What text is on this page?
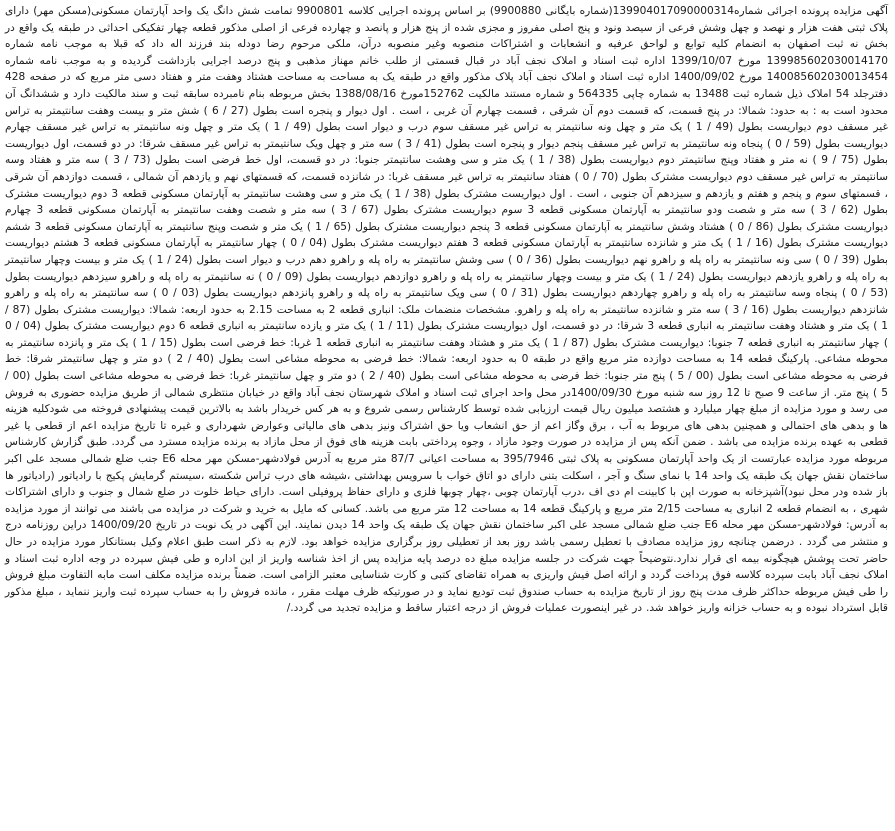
آگهی مزایده پرونده اجرائی شماره139904017090000314(شماره بایگانی 9900880) بر اساس پرونده اجرایی کلاسه 9900801 تمامت شش دانگ یک واحد آپارتمان مسکونی(مسکن مهر) دارای پلاک ثبتی هفت هزار و نهصد و چهل وشش فرعی از سیصد ونود و پنج اصلی مفروز و مجزی شده از پنج هزار و پانصد و چهارده فرعی از اصلی مذکور قطعه چهار تفکیکی احداثی در طبقه یک واقع در بخش نه ثبت اصفهان به انضمام کلیه توابع و لواحق عرفیه و انشعابات و اشتراکات منصوبه وغیر منصوبه درآن، ملکی مرحوم رضا دودله بند فرزند اله داد که قبلا به موجب نامه شماره 139985602030014170 مورخ 1399/10/07 اداره ثبت اسناد و املاک نجف آباد در قبال قسمتی از طلب خانم مهناز مذهبی و پنج درصد اجرایی بازداشت گردیده و به موجب نامه شماره 140085602030013454 مورخ 1400/09/02 اداره ثبت اسناد و املاک نجف آباد پلاک مذکور واقع در طبقه یک به مساحت به مساحت هشتاد وهفت متر و هفتاد دسی متر مربع که در صفحه 428 دفترجلد 54 املاک ذیل شماره ثبت 13488 به شماره چاپی 564335 و شماره مستند مالکیت 152762مورخ 1388/08/16 بخش مربوطه بنام نامبرده سابقه ثبت و سند مالکیت دارد و ششدانگ آن محدود است به : به حدود: شمالا: در پنج قسمت، که قسمت دوم آن شرقی ، قسمت چهارم آن غربی ، است . اول دیوار و پنجره است بطول (27 / 6 ) شش متر و بیست وهفت سانتیمتر به تراس غیر مسقف دوم دیواریست بطول (49 / 1 ) یک متر و چهل ونه سانتیمتر به تراس غیر مسقف سوم درب و دیوار است بطول (49 / 1 ) یک متر و چهل ونه سانتیمتر به تراس غیر مسقف چهارم دیواریست بطول (59 / 0 ) پنجاه ونه سانتیمتر به تراس غیر مسقف پنجم دیوار و پنجره است بطول (41 / 3 ) سه متر و چهل ویک سانتیمتر به تراس غیر مسقف شرقا: در دو قسمت، اول دیواریست بطول (75 / 9 ) نه متر و هفتاد وپنج سانتیمتر دوم دیواریست بطول (38 / 1 ) یک متر و سی وهشت سانتیمتر جنوبا: در دو قسمت، اول خط فرضی است بطول (73 / 3 ) سه متر و هفتاد وسه سانتیمتر به تراس غیر مسقف دوم دیواریست مشترک بطول (70 / 0 ) هفتاد سانتیمتر به تراس غیر مسقف غربا: در شانزده قسمت، که قسمتهای نهم و یازدهم آن شمالی ، قسمت دوازدهم آن شرقی ، قسمتهای سوم و پنجم و هفتم و یازدهم و سیزدهم آن جنوبی ، است . اول دیواریست مشترک بطول (38 / 1 ) یک متر و سی وهشت سانتیمتر به آپارتمان مسکونی قطعه 3 دوم دیواریست مشترک بطول (62 / 3 ) سه متر و شصت ودو سانتیمتر به آپارتمان مسکونی قطعه 3 سوم دیواریست مشترک بطول (67 / 3 ) سه متر و شصت وهفت سانتیمتر به آپارتمان مسکونی قطعه 3 چهارم دیواریست مشترک بطول (86 / 0 ) هشتاد وشش سانتیمتر به آپارتمان مسکونی قطعه 3 پنجم دیواریست مشترک بطول (65 / 1 ) یک متر و شصت وپنج سانتیمتر به آپارتمان مسکونی قطعه 3 ششم دیواریست مشترک بطول (16 / 1 ) یک متر و شانزده سانتیمتر به آپارتمان مسکونی قطعه 3 هفتم دیواریست مشترک بطول (04 / 0 ) چهار سانتیمتر به آپارتمان مسکونی قطعه 3 هشتم دیواریست بطول (39 / 0 ) سی ونه سانتیمتر به راه پله و راهرو نهم دیواریست بطول (36 / 0 ) سی وشش سانتیمتر به راه پله و راهرو دهم درب و دیوار است بطول (24 / 1 ) یک متر و بیست وچهار سانتیمتر به راه پله و راهرو یازدهم دیواریست بطول (24 / 1 ) یک متر و بیست وچهار سانتیمتر به راه پله و راهرو دوازدهم دیواریست بطول (09 / 0 ) نه سانتیمتر به راه پله و راهرو سیزدهم دیواریست بطول (53 / 0 ) پنجاه وسه سانتیمتر به راه پله و راهرو چهاردهم دیواریست بطول (31 / 0 ) سی ویک سانتیمتر به راه پله و راهرو پانزدهم دیواریست بطول (03 / 0 ) سه سانتیمتر به راه پله و راهرو شانزدهم دیواریست بطول (16 / 3 ) سه متر و شانزده سانتیمتر به راه پله و راهرو. مشخصات منضمات ملک: انباری قطعه 2 به مساحت 2.15 به حدود اربعه: شمالا: دیواریست مشترک بطول (87 / 1 ) یک متر و هشتاد وهفت سانتیمتر به انباری قطعه 3 شرقا: در دو قسمت، اول دیواریست مشترک بطول (11 / 1 ) یک متر و یازده سانتیمتر به انباری قطعه 6 دوم دیواریست مشترک بطول (04 / 0 ) چهار سانتیمتر به انباری قطعه 7 جنوبا: دیواریست مشترک بطول (87 / 1 ) یک متر و هشتاد وهفت سانتیمتر به انباری قطعه 1 غربا: خط فرضی است بطول (15 / 1 ) یک متر و پانزده سانتیمتر به محوطه مشاعی. پارکینگ قطعه 14 به مساحت دوازده متر مربع واقع در طبقه 0 به حدود اربعه: شمالا: خط فرضی به محوطه مشاعی است بطول (40 / 2 ) دو متر و چهل سانتیمتر شرقا: خط فرضی به محوطه مشاعی است بطول (00 / 5 ) پنج متر جنوبا: خط فرضی به محوطه مشاعی است بطول (40 / 2 ) دو متر و چهل سانتیمتر غربا: خط فرضی به محوطه مشاعی است بطول (00 / 5 ) پنج متر. از ساعت 9 صبح تا 12 روز سه شنبه مورخ 1400/09/30در محل واحد اجرای ثبت اسناد و املاک شهرستان نجف آباد واقع در خیابان منتظری شمالی از طریق مزایده حضوری به فروش می رسد و مورد مزایده از مبلغ چهار میلیارد و هشتصد میلیون ریال قیمت ارزیابی شده توسط کارشناس رسمی شروع و به هر کس خریدار باشد به بالاترین قیمت پیشنهادی فروخته می شودکلیه هزینه ها و بدهی های احتمالی و همچنین بدهی های مربوط به آب ، برق وگاز اعم از حق انشعاب ویا حق اشتراک ونیز بدهی های مالیاتی وعوارض شهرداری و غیره تا تاریخ مزایده اعم از قطعی یا غیر قطعی به عهده برنده مزایده می باشد . ضمن آنکه پس از مزایده در صورت وجود مازاد ، وجوه پرداختی بابت هزینه های فوق از محل مازاد به برنده مزایده مسترد می گردد. طبق گزارش کارشناس مربوطه مورد مزایده عبارتست از یک واحد آپارتمان مسکونی به پلاک ثبتی 395/7946 به مساحت اعیانی 87/7 متر مربع به آدرس فولادشهر-مسکن مهر محله E6 جنب ضلع شمالی مسجد علی اکبر ساختمان نقش جهان یک طبقه یک واحد 14 با نمای سنگ و آجر ، اسکلت بتنی دارای دو اتاق خواب با سرویس بهداشتی ،شیشه های درب تراس شکسته ،سیستم گرمایش پکیج با رادیاتور (رادیاتور ها باز شده ودر محل نبود)آشپزخانه به صورت اپن با کابینت ام دی اف ،درب آپارتمان چوبی ،چهار چوبها فلزی و دارای حفاظ پروفیلی است. دارای حیاط خلوت در ضلع شمال و جنوب و دارای اشتراکات شهری ، به انضمام قطعه 2 انباری به مساحت 2/15 متر مربع و پارکینگ قطعه 14 به مساحت 12 متر مربع می باشد. کسانی که مایل به خرید و شرکت در مزایده می باشند می توانند از مورد مزایده به آدرس: فولادشهر-مسکن مهر محله E6 جنب ضلع شمالی مسجد علی اکبر ساختمان نقش جهان یک طبقه یک واحد 14 دیدن نمایند. این آگهی در یک نوبت در تاریخ 1400/09/20 دراین روزنامه درج و منتشر می گردد . درضمن چنانچه روز مزایده مصادف با تعطیل رسمی باشد روز بعد از تعطیلی روز برگزاری مزایده خواهد بود. لازم به ذکر است طبق اعلام وکیل بستانکار مورد مزایده در حال حاضر تحت پوشش هیچگونه بیمه ای قرار ندارد.نتوضیحاً جهت شرکت در جلسه مزایده مبلغ ده درصد پایه مزایده پس از اخذ شناسه واریز از این اداره و طی فیش سپرده در وجه اداره ثبت اسناد و املاک نجف آباد بابت سپرده کلاسه فوق پرداخت گردد و ارائه اصل فیش واریزی به همراه تقاضای کتبی و کارت شناسایی معتبر الزامی است. ضمناً برنده مزایده مکلف است مابه التفاوت مبلغ فروش را طی فیش مربوطه حداکثر ظرف مدت پنج روز از تاریخ مزایده به حساب صندوق ثبت تودیع نماید و در صورتیکه ظرف مهلت مقرر ، مانده فروش را به حساب سپرده ثبت واریز ننماید ، مبلغ مذکور قابل استرداد نبوده و به حساب خزانه واریز خواهد شد. در غیر اینصورت عملیات فروش از درجه اعتبار ساقط و مزایده تجدید می گردد./
